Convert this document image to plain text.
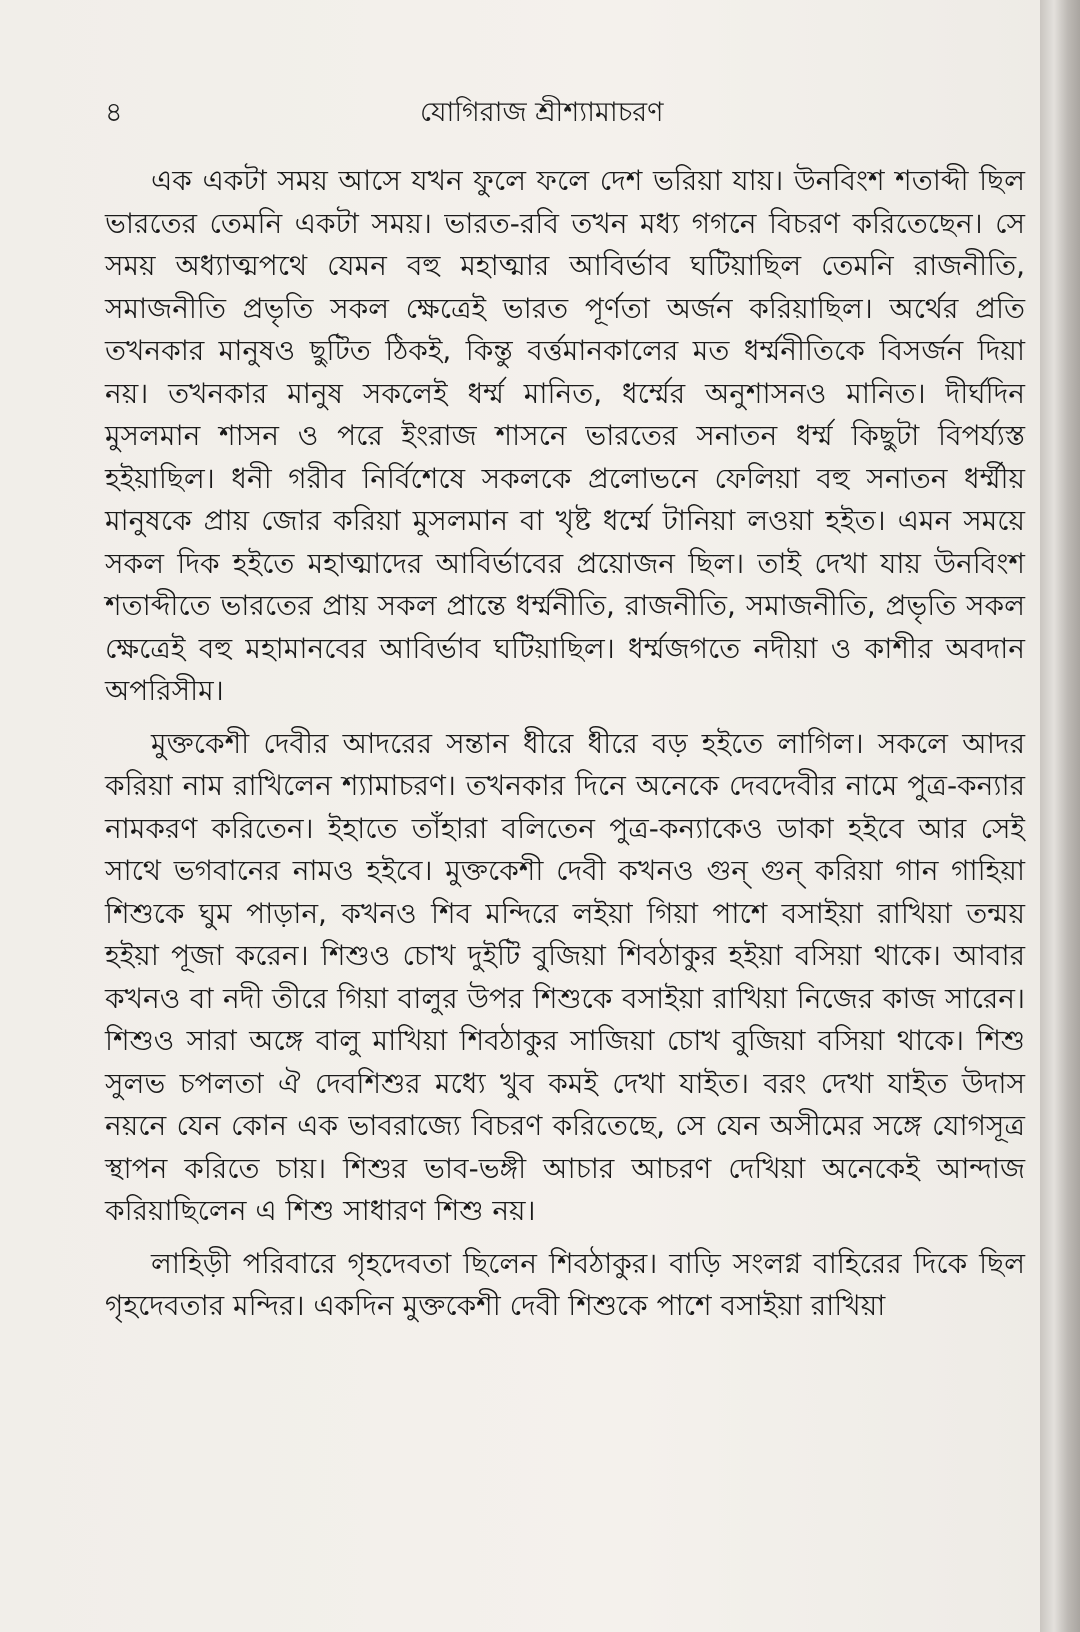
৪	যোগিরাজ শ্রীশ্যামাচরণ

এক একটা সময় আসে যখন ফুলে ফলে দেশ ভরিয়া যায়। উনবিংশ শতাব্দী ছিল ভারতের তেমনি একটা সময়। ভারত-রবি তখন মধ্য গগনে বিচরণ করিতেছেন। সে সময় অধ্যাত্মপথে যেমন বহু মহাত্মার আবির্ভাব ঘটিয়াছিল তেমনি রাজনীতি, সমাজনীতি প্রভৃতি সকল ক্ষেত্রেই ভারত পূর্ণতা অর্জন করিয়াছিল। অর্থের প্রতি তখনকার মানুষও ছুটিত ঠিকই, কিন্তু বর্ত্তমানকালের মত ধর্ম্মনীতিকে বিসর্জন দিয়া নয়। তখনকার মানুষ সকলেই ধর্ম্ম মানিত, ধর্ম্মের অনুশাসনও মানিত। দীর্ঘদিন মুসলমান শাসন ও পরে ইংরাজ শাসনে ভারতের সনাতন ধর্ম্ম কিছুটা বিপর্য্যস্ত হইয়াছিল। ধনী গরীব নির্বিশেষে সকলকে প্রলোভনে ফেলিয়া বহু সনাতন ধর্ম্মীয় মানুষকে প্রায় জোর করিয়া মুসলমান বা খৃষ্ট ধর্ম্মে টানিয়া লওয়া হইত। এমন সময়ে সকল দিক হইতে মহাত্মাদের আবির্ভাবের প্রয়োজন ছিল। তাই দেখা যায় উনবিংশ শতাব্দীতে ভারতের প্রায় সকল প্রান্তে ধর্ম্মনীতি, রাজনীতি, সমাজনীতি, প্রভৃতি সকল ক্ষেত্রেই বহু মহামানবের আবির্ভাব ঘটিয়াছিল। ধর্ম্মজগতে নদীয়া ও কাশীর অবদান অপরিসীম।

মুক্তকেশী দেবীর আদরের সন্তান ধীরে ধীরে বড় হইতে লাগিল। সকলে আদর করিয়া নাম রাখিলেন শ্যামাচরণ। তখনকার দিনে অনেকে দেবদেবীর নামে পুত্র-কন্যার নামকরণ করিতেন। ইহাতে তাঁহারা বলিতেন পুত্র-কন্যাকেও ডাকা হইবে আর সেই সাথে ভগবানের নামও হইবে। মুক্তকেশী দেবী কখনও গুন্ গুন্ করিয়া গান গাহিয়া শিশুকে ঘুম পাড়ান, কখনও শিব মন্দিরে লইয়া গিয়া পাশে বসাইয়া রাখিয়া তন্ময় হইয়া পূজা করেন। শিশুও চোখ দুইটি বুজিয়া শিবঠাকুর হইয়া বসিয়া থাকে। আবার কখনও বা নদী তীরে গিয়া বালুর উপর শিশুকে বসাইয়া রাখিয়া নিজের কাজ সারেন। শিশুও সারা অঙ্গে বালু মাখিয়া শিবঠাকুর সাজিয়া চোখ বুজিয়া বসিয়া থাকে। শিশু সুলভ চপলতা ঐ দেবশিশুর মধ্যে খুব কমই দেখা যাইত। বরং দেখা যাইত উদাস নয়নে যেন কোন এক ভাবরাজ্যে বিচরণ করিতেছে, সে যেন অসীমের সঙ্গে যোগসূত্র স্থাপন করিতে চায়। শিশুর ভাব-ভঙ্গী আচার আচরণ দেখিয়া অনেকেই আন্দাজ করিয়াছিলেন এ শিশু সাধারণ শিশু নয়।

লাহিড়ী পরিবারে গৃহদেবতা ছিলেন শিবঠাকুর। বাড়ি সংলগ্ন বাহিরের দিকে ছিল গৃহদেবতার মন্দির। একদিন মুক্তকেশী দেবী শিশুকে পাশে বসাইয়া রাখিয়া
